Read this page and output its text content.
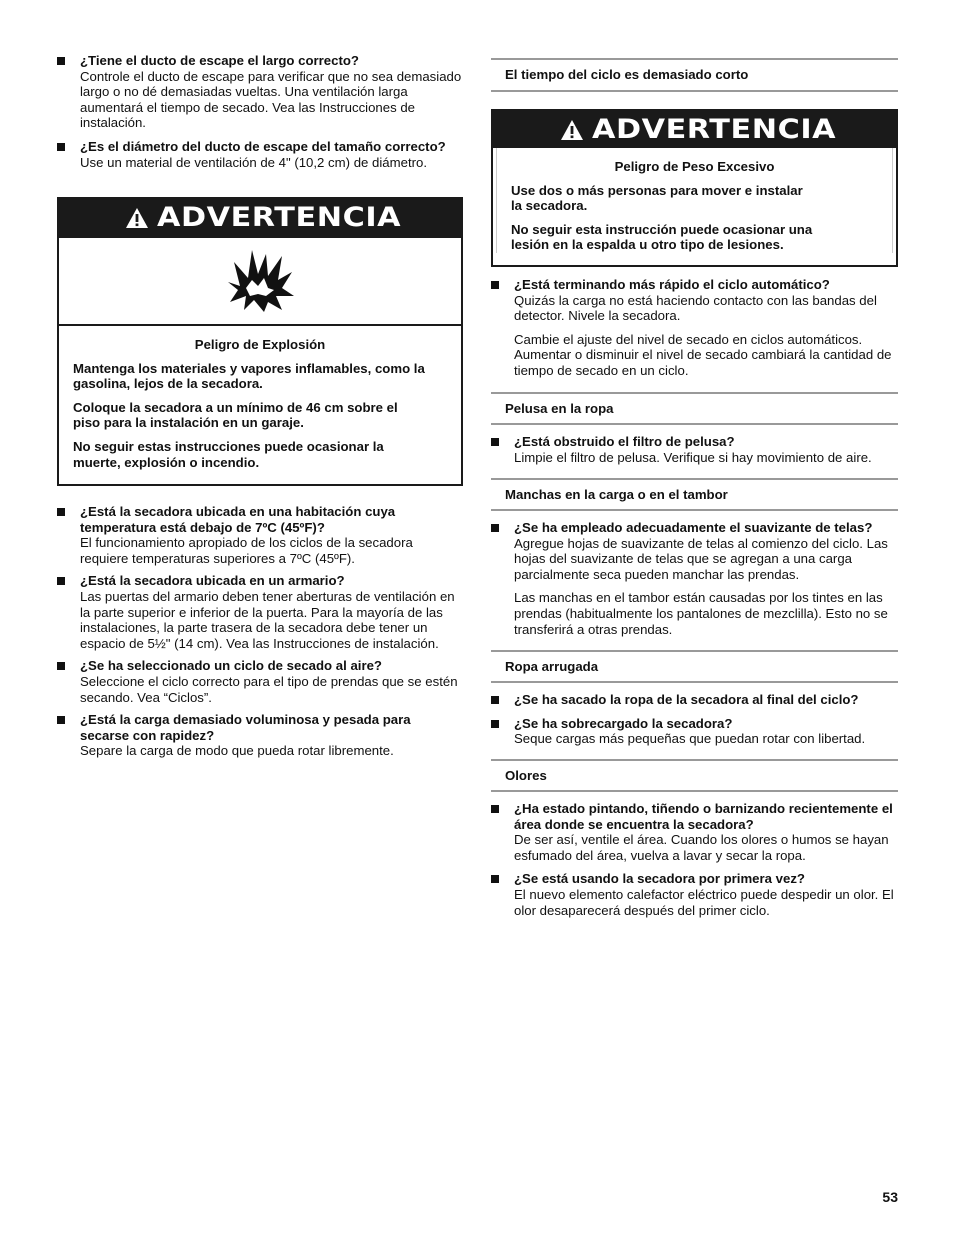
¿Tiene el ducto de escape el largo correcto?
Controle el ducto de escape para verificar que no sea demasiado largo o no dé demasiadas vueltas. Una ventilación larga aumentará el tiempo de secado. Vea las Instrucciones de instalación.
¿Es el diámetro del ducto de escape del tamaño correcto?
Use un material de ventilación de 4" (10,2 cm) de diámetro.
ADVERTENCIA
Peligro de Explosión

Mantenga los materiales y vapores inflamables, como la gasolina, lejos de la secadora.

Coloque la secadora a un mínimo de 46 cm sobre el piso para la instalación en un garaje.

No seguir estas instrucciones puede ocasionar la muerte, explosión o incendio.

¿Está la secadora ubicada en una habitación cuya temperatura está debajo de 7ºC (45ºF)?
El funcionamiento apropiado de los ciclos de la secadora requiere temperaturas superiores a 7ºC (45ºF).
¿Está la secadora ubicada en un armario?
Las puertas del armario deben tener aberturas de ventilación en la parte superior e inferior de la puerta. Para la mayoría de las instalaciones, la parte trasera de la secadora debe tener un espacio de 5½" (14 cm). Vea las Instrucciones de instalación.
¿Se ha seleccionado un ciclo de secado al aire?
Seleccione el ciclo correcto para el tipo de prendas que se estén secando. Vea “Ciclos”.
¿Está la carga demasiado voluminosa y pesada para secarse con rapidez?
Separe la carga de modo que pueda rotar libremente.
El tiempo del ciclo es demasiado corto
ADVERTENCIA
Peligro de Peso Excesivo

Use dos o más personas para mover e instalar la secadora.

No seguir esta instrucción puede ocasionar una lesión en la espalda u otro tipo de lesiones.

¿Está terminando más rápido el ciclo automático?
Quizás la carga no está haciendo contacto con las bandas del detector. Nivele la secadora.
Cambie el ajuste del nivel de secado en ciclos automáticos. Aumentar o disminuir el nivel de secado cambiará la cantidad de tiempo de secado en un ciclo.
Pelusa en la ropa
¿Está obstruido el filtro de pelusa?
Limpie el filtro de pelusa. Verifique si hay movimiento de aire.
Manchas en la carga o en el tambor
¿Se ha empleado adecuadamente el suavizante de telas?
Agregue hojas de suavizante de telas al comienzo del ciclo. Las hojas del suavizante de telas que se agregan a una carga parcialmente seca pueden manchar las prendas.
Las manchas en el tambor están causadas por los tintes en las prendas (habitualmente los pantalones de mezclilla). Esto no se transferirá a otras prendas.
Ropa arrugada
¿Se ha sacado la ropa de la secadora al final del ciclo?
¿Se ha sobrecargado la secadora?
Seque cargas más pequeñas que puedan rotar con libertad.
Olores
¿Ha estado pintando, tiñendo o barnizando recientemente el área donde se encuentra la secadora?
De ser así, ventile el área. Cuando los olores o humos se hayan esfumado del área, vuelva a lavar y secar la ropa.
¿Se está usando la secadora por primera vez?
El nuevo elemento calefactor eléctrico puede despedir un olor. El olor desaparecerá después del primer ciclo.
53
